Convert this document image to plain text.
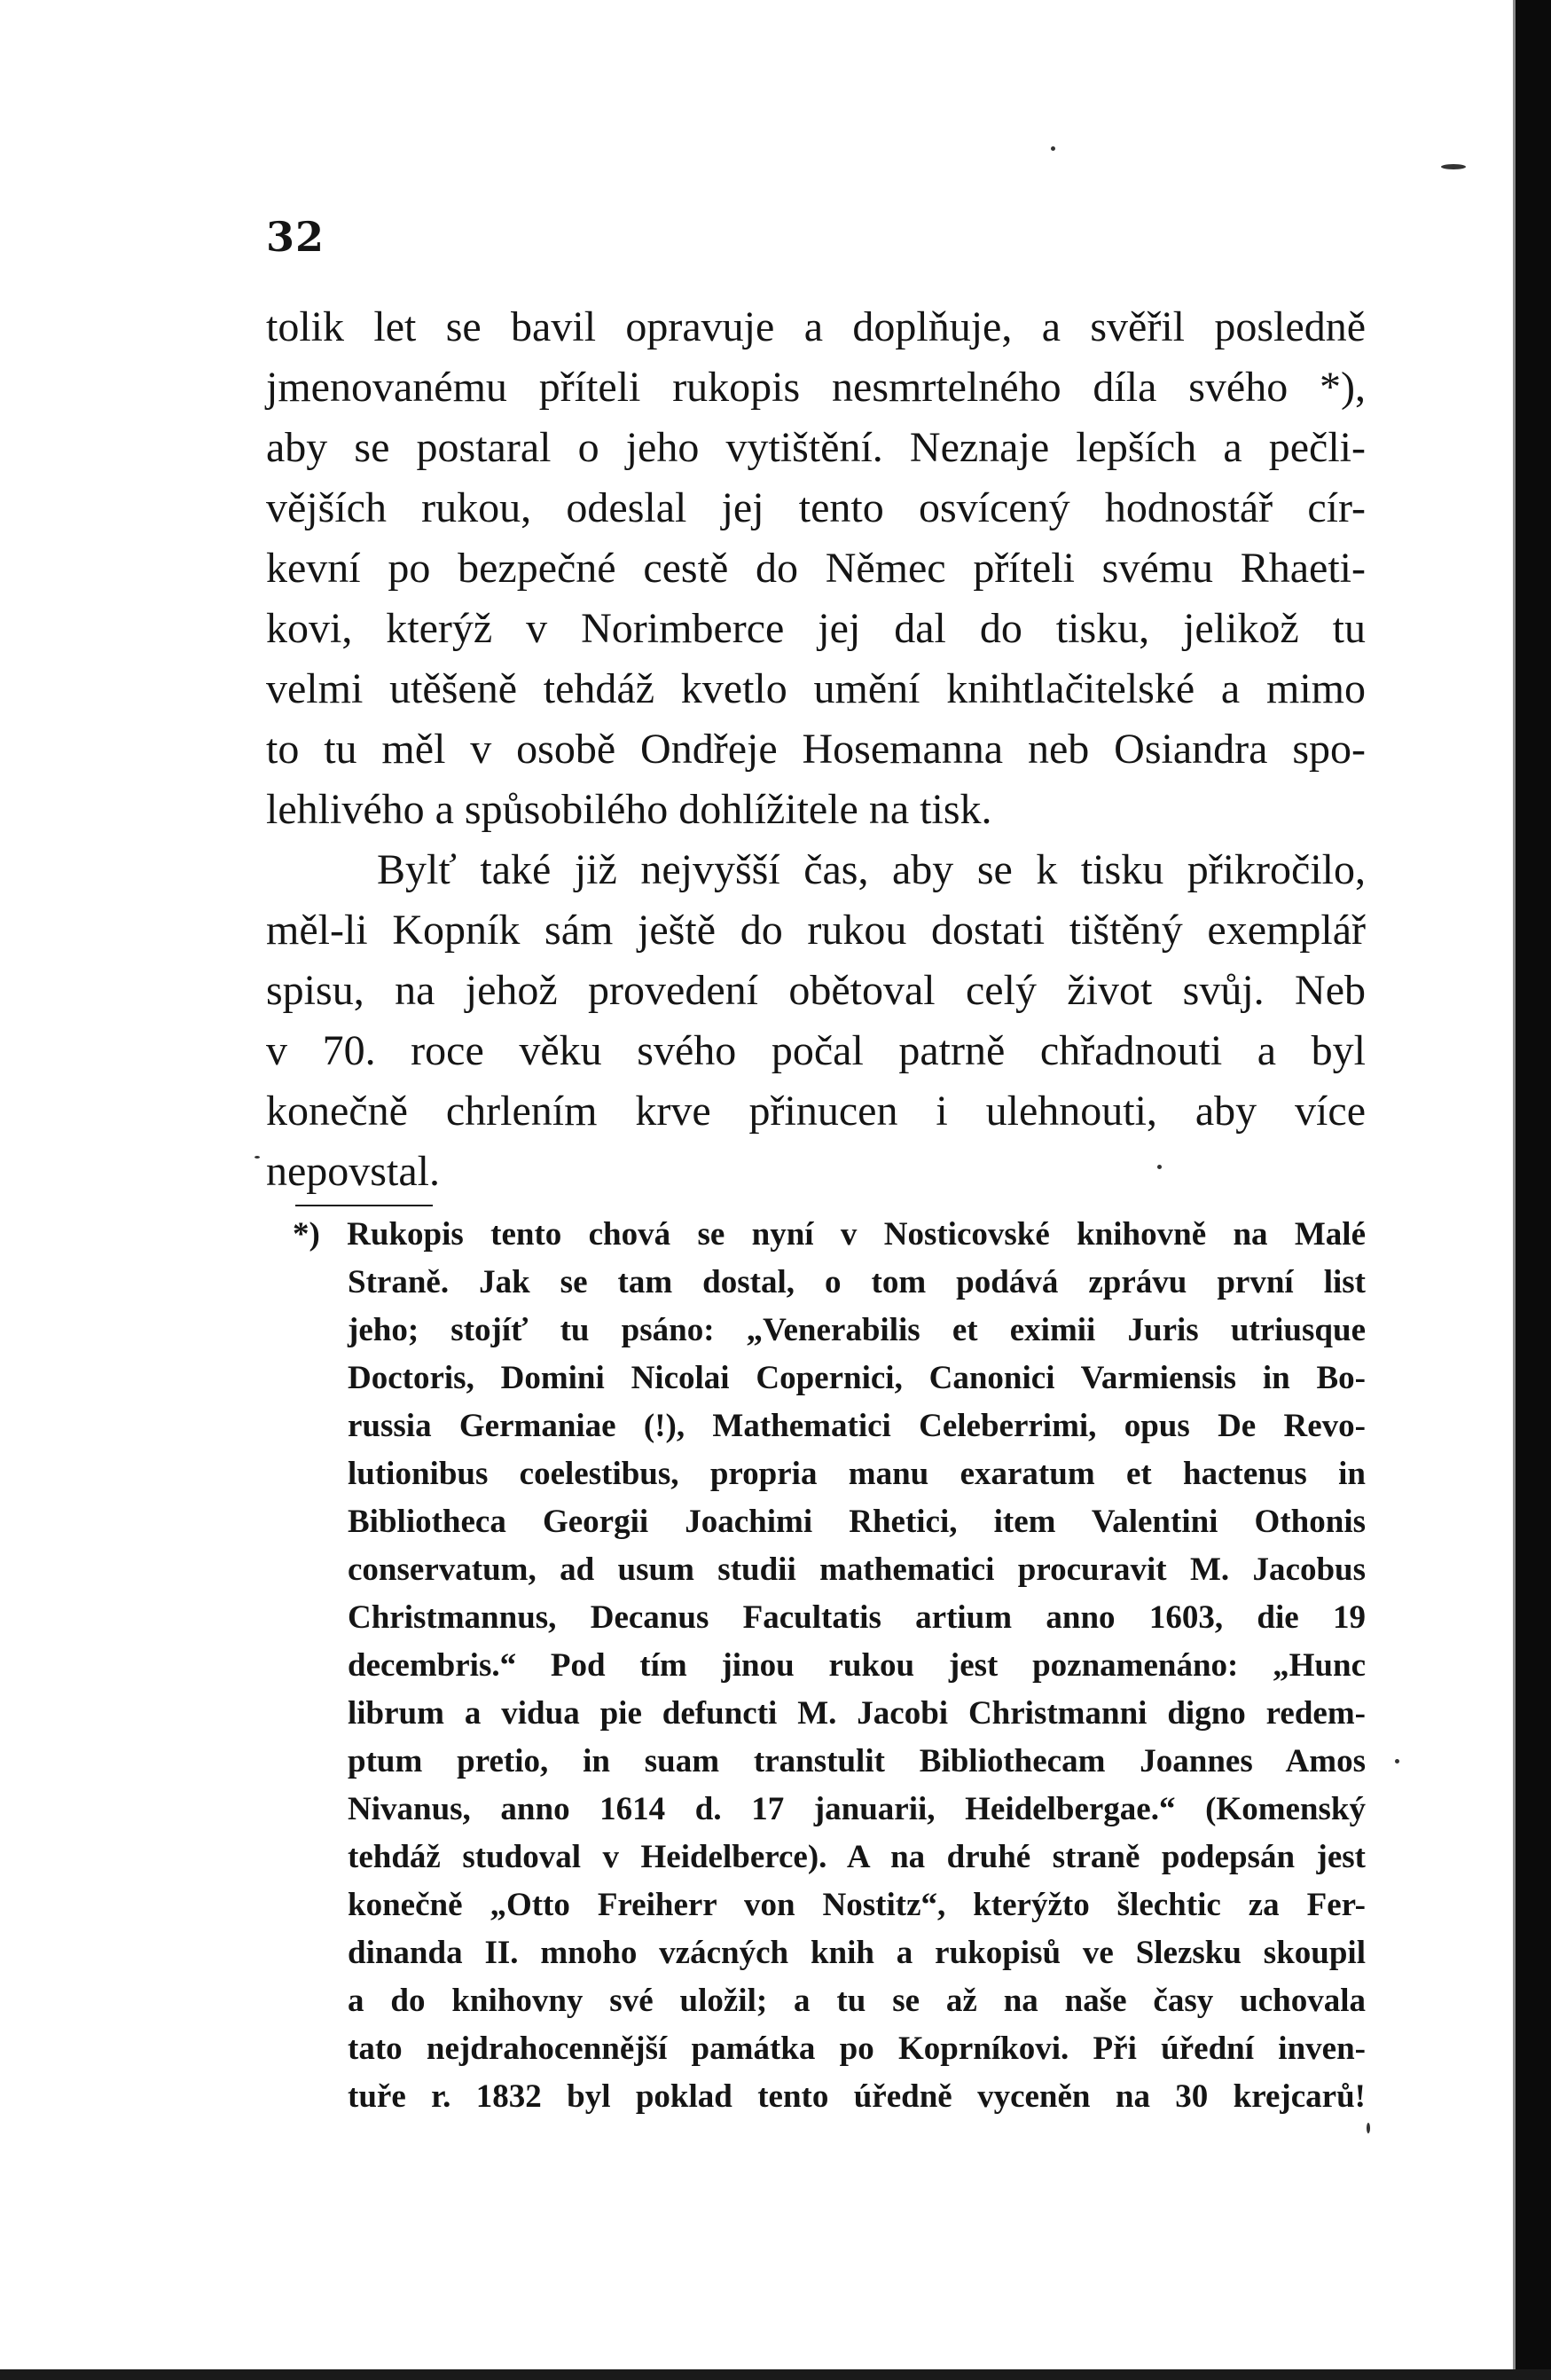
32
tolik let se bavil opravuje a doplňuje, a svěřil posledně
jmenovanému příteli rukopis nesmrtelného díla svého *),
aby se postaral o jeho vytištění. Neznaje lepších a pečli-
vějších rukou, odeslal jej tento osvícený hodnostář cír-
kevní po bezpečné cestě do Němec příteli svému Rhaeti-
kovi, kterýž v Norimberce jej dal do tisku, jelikož tu
velmi utěšeně tehdáž kvetlo umění knihtlačitelské a mimo
to tu měl v osobě Ondřeje Hosemanna neb Osiandra spo-
lehlivého a spůsobilého dohlížitele na tisk.
Bylť také již nejvyšší čas, aby se k tisku přikročilo,
měl-li Kopník sám ještě do rukou dostati tištěný exemplář
spisu, na jehož provedení obětoval celý život svůj. Neb
v 70. roce věku svého počal patrně chřadnouti a byl
konečně chrlením krve přinucen i ulehnouti, aby více
nepovstal.
*) Rukopis tento chová se nyní v Nosticovské knihovně na Malé
Straně. Jak se tam dostal, o tom podává zprávu první list
jeho; stojíť tu psáno: „Venerabilis et eximii Juris utriusque
Doctoris, Domini Nicolai Copernici, Canonici Varmiensis in Bo-
russia Germaniae (!), Mathematici Celeberrimi, opus De Revo-
lutionibus coelestibus, propria manu exaratum et hactenus in
Bibliotheca Georgii Joachimi Rhetici, item Valentini Othonis
conservatum, ad usum studii mathematici procuravit M. Jacobus
Christmannus, Decanus Facultatis artium anno 1603, die 19
decembris.“ Pod tím jinou rukou jest poznamenáno: „Hunc
librum a vidua pie defuncti M. Jacobi Christmanni digno redem-
ptum pretio, in suam transtulit Bibliothecam Joannes Amos
Nivanus, anno 1614 d. 17 januarii, Heidelbergae.“ (Komenský
tehdáž studoval v Heidelberce). A na druhé straně podepsán jest
konečně „Otto Freiherr von Nostitz“, kterýžto šlechtic za Fer-
dinanda II. mnoho vzácných knih a rukopisů ve Slezsku skoupil
a do knihovny své uložil; a tu se až na naše časy uchovala
tato nejdrahocennější památka po Koprníkovi. Při úřední inven-
tuře r. 1832 byl poklad tento úředně vyceněn na 30 krejcarů!
